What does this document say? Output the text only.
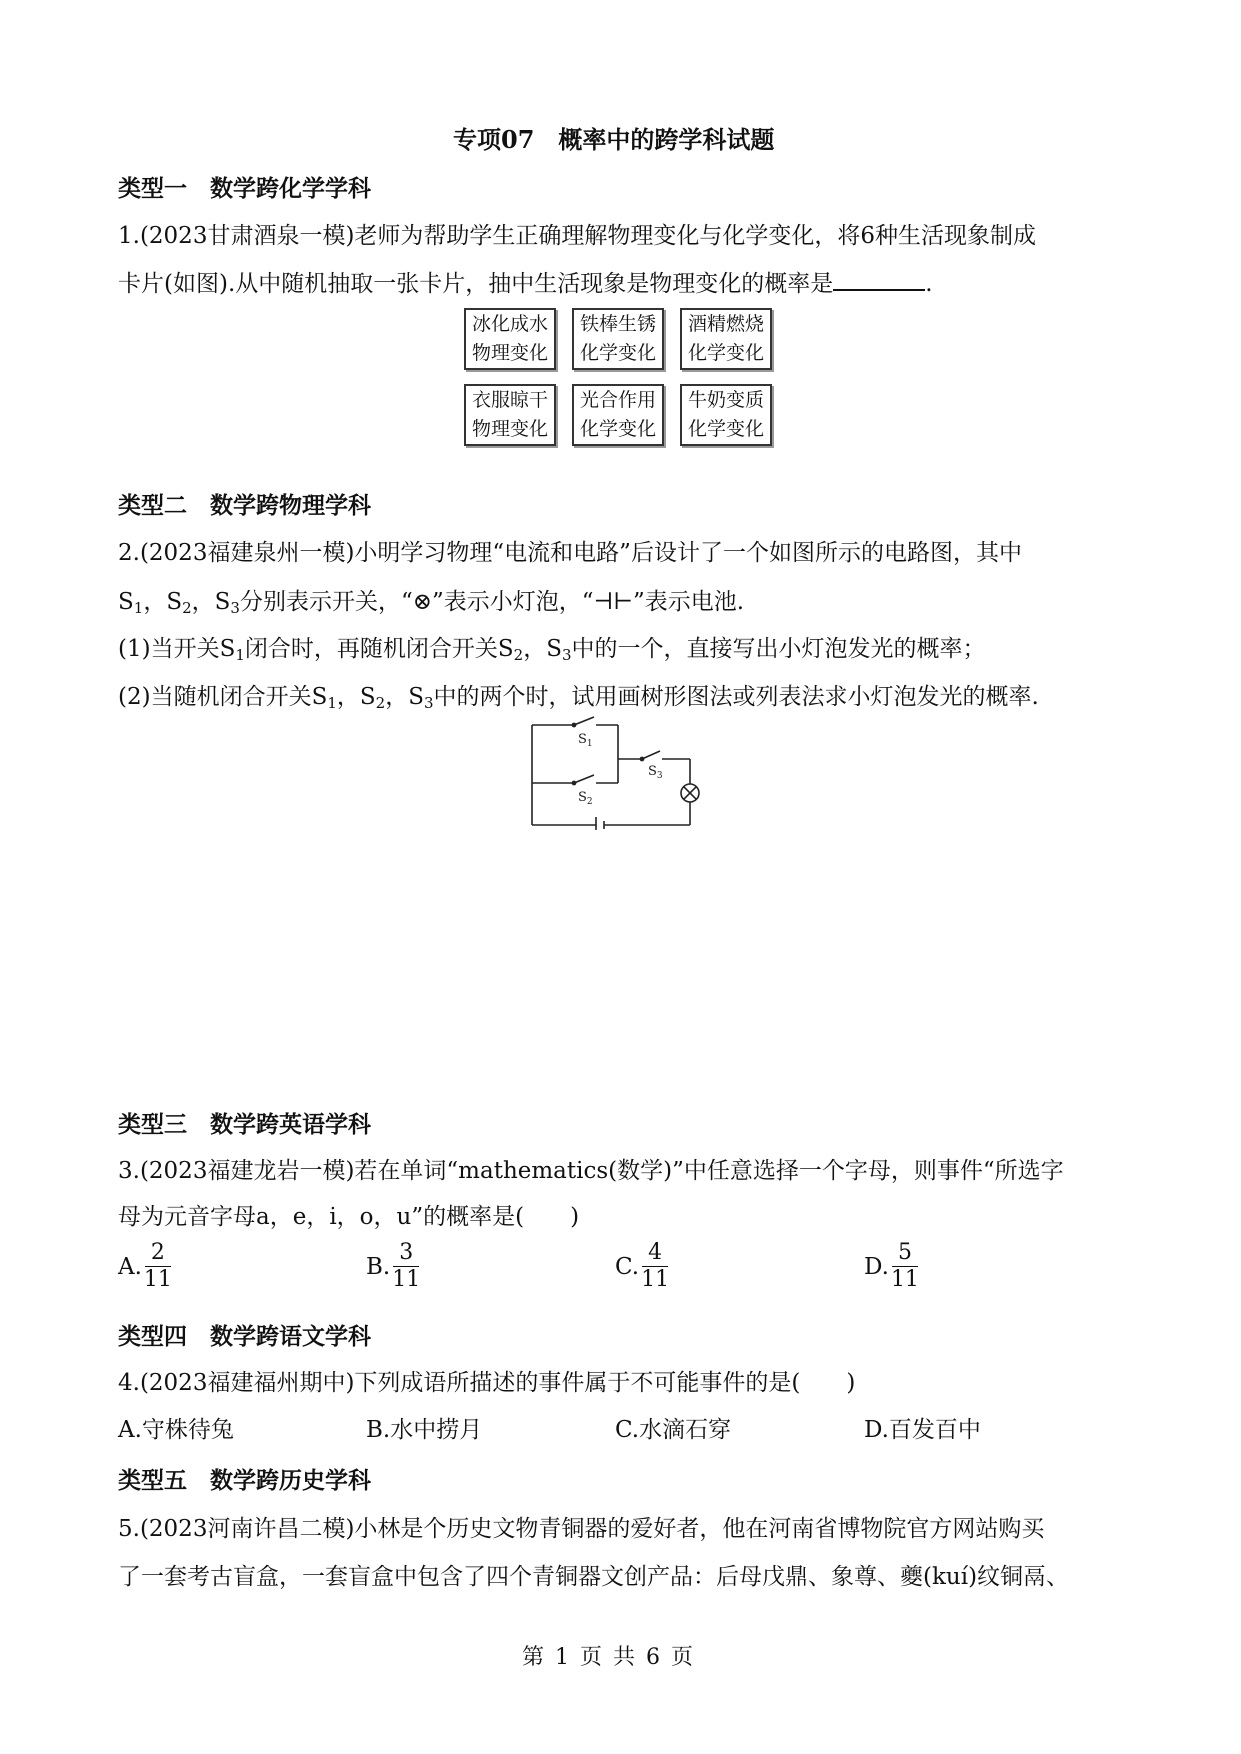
专项07　概率中的跨学科试题
类型一　数学跨化学学科
1.(2023甘肃酒泉一模)老师为帮助学生正确理解物理变化与化学变化，将6种生活现象制成
卡片(如图).从中随机抽取一张卡片，抽中生活现象是物理变化的概率是	.
冰化成水
物理变化
铁棒生锈
化学变化
酒精燃烧
化学变化
衣服晾干
物理变化
光合作用
化学变化
牛奶变质
化学变化
类型二　数学跨物理学科
2.(2023福建泉州一模)小明学习物理“电流和电路”后设计了一个如图所示的电路图，其中
$S_1$，$S_2$，$S_3$分别表示开关，“⊗”表示小灯泡，“⊣⊢”表示电池.
(1)当开关$S_1$闭合时，再随机闭合开关$S_2$，$S_3$中的一个，直接写出小灯泡发光的概率；
(2)当随机闭合开关$S_1$，$S_2$，$S_3$中的两个时，试用画树形图法或列表法求小灯泡发光的概率.
$S_1$
$S_2$
$S_3$
类型三　数学跨英语学科
3.(2023福建龙岩一模)若在单词“mathematics(数学)”中任意选择一个字母，则事件“所选字
母为元音字母a，e，i，o，u”的概率是( )
A. $\frac{2}{11}$	B. $\frac{3}{11}$	C. $\frac{4}{11}$	D. $\frac{5}{11}$
类型四　数学跨语文学科
4.(2023福建福州期中)下列成语所描述的事件属于不可能事件的是( )
A.守株待兔	B.水中捞月	C.水滴石穿	D.百发百中
类型五　数学跨历史学科
5.(2023河南许昌二模)小林是个历史文物青铜器的爱好者，他在河南省博物院官方网站购买
了一套考古盲盒，一套盲盒中包含了四个青铜器文创产品：后母戊鼎、象尊、夔(kuí)纹铜鬲、
第 1 页 共 6 页
